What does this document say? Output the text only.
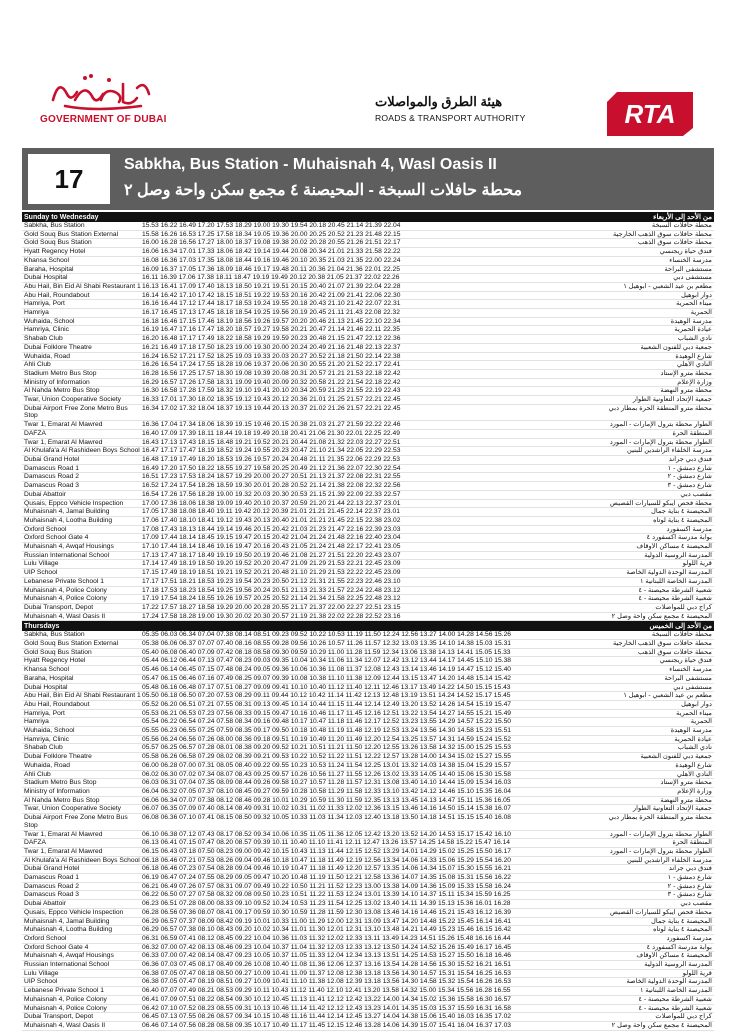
GOVERNMENT OF DUBAI
هيئة الطرق والمواصلات
ROADS & TRANSPORT AUTHORITY	RTA
17	Sabkha, Bus Station - Muhaisnah 4, Wasl Oasis II
محطة حافلات السبخة - المحيصنة ٤ مجمع سكن واحة وصل ٢
Sunday to Wednesday	من الأحد إلى الأربعاء
Sabkha, Bus Station	15.53 16.22 16.49 17.20 17.53 18.29 19.00 19.30 19.54 20.18 20.45 21.14 21.39 22.04	محطة حافلات السبخة
Gold Souq Bus Station External	15.58 16.26 16.53 17.25 17.58 18.34 19.05 19.36 20.00 20.25 20.52 21.23 21.48 22.15	محطة حافلات سوق الذهب الخارجية
Gold Souq Bus Station	16.00 16.28 16.56 17.27 18.00 18.37 19.08 19.38 20.02 20.28 20.55 21.26 21.51 22.17	محطة حافلات سوق الذهب
Hyatt Regency Hotel	16.06 16.34 17.01 17.33 18.06 18.42 19.14 19.44 20.08 20.34 21.01 21.33 21.58 22.22	فندق حياة ريجنسي
Khansa School	16.08 16.36 17.03 17.35 18.08 18.44 19.16 19.46 20.10 20.35 21.03 21.35 22.00 22.24	مدرسة الخنساء
Baraha, Hospital	16.09 16.37 17.05 17.36 18.09 18.46 19.17 19.48 20.11 20.36 21.04 21.36 22.01 22.25	مستشفى البراحة
Dubai Hospital	16.11 16.39 17.06 17.38 18.11 18.47 19.19 19.49 20.12 20.38 21.05 21.37 22.02 22.26	مستشفى دبي
Abu Hail, Bin Eid Al Shabi Restaurant 1 16.13 16.41 17.09 17.40 18.13 18.50 19.21 19.51 20.15 20.40 21.07 21.39 22.04 22.28	مطعم بن عيد الشعبي - ابوهيل ١
Abu Hail, Roundabout	16.14 16.42 17.10 17.42 18.15 18.51 19.22 19.53 20.16 20.42 21.09 21.41 22.06 22.30	دوار ابوهيل
Hamriya, Port	16.16 16.44 17.12 17.44 18.17 18.53 19.24 19.55 20.18 20.43 21.10 21.42 22.07 22.31	ميناء الحمرية
Hamriya	16.17 16.45 17.13 17.45 18.18 18.54 19.25 19.56 20.19 20.45 21.11 21.43 22.08 22.32	الحمرية
Wuhaida, School	16.18 16.46 17.15 17.46 18.19 18.56 19.26 19.57 20.20 20.46 21.13 21.45 22.10 22.34	مدرسة الوهيدة
Hamriya, Clinic	16.19 16.47 17.16 17.47 18.20 18.57 19.27 19.58 20.21 20.47 21.14 21.46 22.11 22.35	عيادة الحمرية
Shabab Club	16.20 16.48 17.17 17.49 18.22 18.58 19.29 19.59 20.23 20.48 21.15 21.47 22.12 22.36	نادي الشباب
Dubai Folklore Theatre	16.21 16.49 17.18 17.50 18.23 19.00 19.30 20.00 20.24 20.49 21.16 21.48 22.13 22.37	جمعية دبي للفنون الشعبية
Wuhaida, Road	16.24 16.52 17.21 17.52 18.25 19.03 19.33 20.03 20.27 20.52 21.18 21.50 22.14 22.38	شارع الوهيدة
Ahli Club	16.26 16.54 17.24 17.55 18.28 19.06 19.37 20.06 20.30 20.55 21.20 21.52 22.17 22.41	النادي الأهلي
Stadium Metro Bus Stop	16.28 16.56 17.25 17.57 18.30 19.08 19.39 20.08 20.31 20.57 21.21 21.53 22.18 22.42	محطة مترو الإستاد
Ministry of Information	16.29 16.57 17.26 17.58 18.31 19.09 19.40 20.09 20.32 20.58 21.22 21.54 22.18 22.42	وزارة الإعلام
Al Nahda Metro Bus Stop	16.30 16.58 17.28 17.59 18.32 19.10 19.41 20.10 20.34 20.59 21.23 21.55 22.19 22.43	محطة مترو النهضة
Twar, Union Cooperative Society	16.33 17.01 17.30 18.02 18.35 19.12 19.43 20.12 20.36 21.01 21.25 21.57 22.21 22.45	جمعية الإتحاد التعاونية الطوار
Dubai Airport Free Zone Metro Bus Stop
16.34 17.02 17.32 18.04 18.37 19.13 19.44 20.13 20.37 21.02 21.26 21.57 22.21 22.45	محطة مترو المنطقة الحرة بمطار دبي
Twar 1, Emarat Al Mawred	16.36 17.04 17.34 18.06 18.39 19.15 19.46 20.15 20.38 21.03 21.27 21.59 22.22 22.46	الطوار محطة بترول الإمارات - المورد
DAFZA	16.40 17.09 17.39 18.11 18.44 19.18 19.49 20.18 20.41 21.06 21.30 22.01 22.25 22.49	المنطقة الحرة
Twar 1, Emarat Al Mawred	16.43 17.13 17.43 18.15 18.48 19.21 19.52 20.21 20.44 21.08 21.32 22.03 22.27 22.51	الطوار محطة بترول الإمارات - المورد
Al Khulafa'a Al Rashideen Boys School 16.47 17.17 17.47 18.19 18.52 19.24 19.55 20.23 20.47 21.10 21.34 22.05 22.29 22.53	مدرسة الخلفاء الراشدين للبنين
Dubai Grand Hotel	16.48 17.19 17.49 18.20 18.53 19.26 19.57 20.24 20.48 21.11 21.35 22.06 22.29 22.53	فندق دبي جراند
Damascus Road 1	16.49 17.20 17.50 18.22 18.55 19.27 19.58 20.25 20.49 21.12 21.36 22.07 22.30 22.54	شارع دمشق - ١
Damascus Road 2	16.51 17.23 17.53 18.24 18.57 19.29 20.00 20.27 20.51 21.13 21.37 22.08 22.31 22.55	شارع دمشق - ٢
Damascus Road 3	16.52 17.24 17.54 18.26 18.59 19.30 20.01 20.28 20.52 21.14 21.38 22.08 22.32 22.56	شارع دمشق - ٣
Dubai Abattoir	16.54 17.26 17.56 18.28 19.00 19.32 20.03 20.30 20.53 21.15 21.39 22.09 22.33 22.57	مقصب دبي
Qusais, Eppco Vehicle Inspection	17.00 17.36 18.06 18.38 19.09 19.40 20.10 20.37 20.59 21.20 21.44 22.13 22.37 23.01	محطة فحص ايبكو للسيارات القصيص
Muhaisnah 4, Jamal Building	17.05 17.38 18.08 18.40 19.11 19.42 20.12 20.39 21.01 21.21 21.45 22.14 22.37 23.01	المحيصنة ٤ بناية جمال
Muhaisnah 4, Lootha Building	17.06 17.40 18.10 18.41 19.12 19.43 20.13 20.40 21.01 21.21 21.45 22.15 22.38 23.02	المحيصنة ٤ بناية لوتاه
Oxford School	17.08 17.43 18.13 18.44 19.14 19.46 20.15 20.42 21.03 21.23 21.47 22.16 22.39 23.03	مدرسة أكسفورد
Oxford School Gate 4	17.09 17.44 18.14 18.45 19.15 19.47 20.15 20.42 21.04 21.24 21.48 22.16 22.40 23.04	بوابة مدرسة أكسفورد ٤
Muhaisnah 4, Awqaf Housings	17.10 17.44 18.14 18.46 19.16 19.47 20.16 20.43 21.05 21.24 21.48 22.17 22.41 23.05	المحيصنة ٤ مساكن الأوقاف
Russian International School	17.13 17.47 18.17 18.49 19.19 19.50 20.19 20.46 21.08 21.27 21.51 22.20 22.43 23.07	المدرسة الروسية الدولية
Lulu Village	17.14 17.49 18.19 18.50 19.20 19.52 20.20 20.47 21.09 21.29 21.53 22.21 22.45 23.09	قرية اللولو
UIP School	17.15 17.49 18.19 18.51 19.21 19.52 20.21 20.48 21.10 21.29 21.53 22.22 22.45 23.09	المدرسة الوحدة الدولية الخاصة
Lebanese Private School 1	17.17 17.51 18.21 18.53 19.23 19.54 20.23 20.50 21.12 21.31 21.55 22.23 22.46 23.10	المدرسة الخاصة اللبنانية ١
Muhaisnah 4, Police Colony	17.18 17.53 18.23 18.54 19.25 19.56 20.24 20.51 21.13 21.33 21.57 22.24 22.48 23.12	شعبية الشرطة محيصنة - ٤
Muhaisnah 4, Police Colony	17.19 17.54 18.24 18.55 19.26 19.57 20.25 20.52 21.14 21.34 21.58 22.25 22.48 23.12	شعبية الشرطة محيصنة - ٤
Dubai Transport, Depot	17.22 17.57 18.27 18.58 19.29 20.00 20.28 20.55 21.17 21.37 22.00 22.27 22.51 23.15	كراج دبي للمواصلات
Muhaisnah 4, Wasl Oasis II	17.24 17.58 18.28 19.00 19.30 20.02 20.30 20.57 21.19 21.38 22.02 22.28 22.52 23.16	المحيصنة ٤ مجمع سكن واحة وصل ٢
Thursdays	من الأحد إلى الخميس
Sabkha, Bus Station	05.35 06.03 06.34 07.04 07.38 08.14 08.51 09.23 09.52 10.22 10.53 11.19 11.50 12.24 12.56 13.27 14.00 14.28 14.56 15.26	محطة حافلات السبخة
Gold Souq Bus Station External	05.38 06.06 06.37 07.07 07.40 08.16 08.55 09.28 09.56 10.26 10.57 11.26 11.57 12.32 13.03 13.35 14.10 14.38 15.03 15.31	محطة حافلات سوق الذهب الخارجية
Gold Souq Bus Station	05.40 06.08 06.40 07.09 07.42 08.18 08.58 09.30 09.59 10.29 11.00 11.28 11.59 12.34 13.06 13.38 14.13 14.41 15.05 15.33	محطة حافلات سوق الذهب
Hyatt Regency Hotel	05.44 06.12 06.44 07.13 07.47 08.23 09.03 09.35 10.04 10.34 11.06 11.34 12.07 12.42 13.12 13.44 14.17 14.45 15.10 15.38	فندق حياة ريجنسي
Khansa School	05.46 06.14 06.45 07.15 07.48 08.24 09.05 09.36 10.06 10.36 11.08 11.37 12.08 12.43 13.14 13.46 14.19 14.47 15.12 15.40	مدرسة الخنساء
Baraha, Hospital	05.47 06.15 06.46 07.16 07.49 08.25 09.07 09.39 10.08 10.38 11.10 11.38 12.09 12.44 13.15 13.47 14.20 14.48 15.14 15.42	مستشفى البراحة
Dubai Hospital	05.48 06.16 06.48 07.17 07.51 08.27 09.09 09.41 10.10 10.40 11.12 11.40 12.11 12.46 13.17 13.49 14.22 14.50 15.15 15.43	مستشفى دبي
Abu Hail, Bin Eid Al Shabi Restaurant 1 05.50 06.18 06.50 07.20 07.53 08.29 09.11 09.44 10.12 10.42 11.14 11.42 12.13 12.48 13.19 13.51 14.24 14.52 15.17 15.45	مطعم بن عيد الشعبي - ابوهيل ١
Abu Hail, Roundabout	05.52 06.20 06.51 07.21 07.55 08.31 09.13 09.45 10.14 10.44 11.15 11.44 12.14 12.49 13.20 13.52 14.26 14.54 15.19 15.47	دوار ابوهيل
Hamriya, Port	05.53 06.21 06.53 07.23 07.56 08.33 09.15 09.47 10.16 10.46 11.17 11.45 12.16 12.51 13.22 13.54 14.27 14.55 15.21 15.49	ميناء الحمرية
Hamriya	05.54 06.22 06.54 07.24 07.58 08.34 09.16 09.48 10.17 10.47 11.18 11.46 12.17 12.52 13.23 13.55 14.29 14.57 15.22 15.50	الحمرية
Wuhaida, School	05.55 06.23 06.55 07.25 07.59 08.35 09.17 09.50 10.18 10.48 11.19 11.48 12.19 12.53 13.24 13.56 14.30 14.58 15.23 15.51	مدرسة الوهيدة
Hamriya, Clinic	05.56 06.24 06.56 07.26 08.00 08.36 09.18 09.51 10.19 10.49 11.20 11.49 12.20 12.54 13.25 13.57 14.31 14.59 15.24 15.52	عيادة الحمرية
Shabab Club	05.57 06.25 06.57 07.28 08.01 08.38 09.20 09.52 10.21 10.51 11.21 11.50 12.20 12.55 13.26 13.58 14.32 15.00 15.25 15.53	نادي الشباب
Dubai Folklore Theatre	05.58 06.26 06.58 07.29 08.02 08.39 09.21 09.53 10.22 10.52 11.22 11.51 12.22 12.57 13.28 14.00 14.34 15.02 15.27 15.55	جمعية دبي للفنون الشعبية
Wuhaida, Road	06.00 06.28 07.00 07.31 08.05 08.40 09.22 09.55 10.23 10.53 11.24 11.54 12.25 13.01 13.32 14.03 14.38 15.04 15.29 15.57	شارع الوهيدة
Ahli Club	06.02 06.30 07.02 07.34 08.07 08.43 09.25 09.57 10.26 10.56 11.27 11.55 12.26 13.02 13.33 14.05 14.40 15.06 15.30 15.58	النادي الأهلي
Stadium Metro Bus Stop	06.03 06.31 07.04 07.35 08.09 08.44 09.26 09.58 10.27 10.57 11.28 11.57 12.31 13.08 13.40 14.10 14.44 15.09 15.34 16.03	محطة مترو الإستاد
Ministry of Information	06.04 06.32 07.05 07.37 08.10 08.45 09.27 09.59 10.28 10.58 11.29 11.58 12.33 13.10 13.42 14.12 14.46 15.10 15.35 16.04	وزارة الإعلام
Al Nahda Metro Bus Stop	06.06 06.34 07.07 07.38 08.12 08.46 09.28 10.01 10.29 10.59 11.30 11.59 12.35 13.13 13.45 14.13 14.47 15.11 15.36 16.05	محطة مترو النهضة
Twar, Union Cooperative Society	06.07 06.35 07.09 07.40 08.14 08.49 09.31 10.02 10.31 11.02 11.33 12.02 12.36 13.15 13.46 14.16 14.50 15.14 15.38 16.07	جمعية الإتحاد التعاونية الطوار
Dubai Airport Free Zone Metro Bus Stop
06.08 06.36 07.10 07.41 08.15 08.50 09.32 10.05 10.33 11.03 11.34 12.03 12.40 13.18 13.50 14.18 14.51 15.15 15.40 16.08	محطة مترو المنطقة الحرة بمطار دبي
Twar 1, Emarat Al Mawred	06.10 06.38 07.12 07.43 08.17 08.52 09.34 10.06 10.35 11.05 11.36 12.05 12.42 13.20 13.52 14.20 14.53 15.17 15.42 16.10	الطوار محطة بترول الإمارات - المورد
DAFZA	06.13 06.41 07.15 07.47 08.20 08.57 09.39 10.11 10.40 11.10 11.41 12.11 12.47 13.26 13.57 14.25 14.58 15.22 15.47 16.14	المنطقة الحرة
Twar 1, Emarat Al Mawred	06.15 06.43 07.18 07.50 08.23 09.00 09.42 10.15 10.43 11.13 11.44 12.15 12.52 13.29 14.01 14.29 15.02 15.25 15.50 16.17	الطوار محطة بترول الإمارات - المورد
Al Khulafa'a Al Rashideen Boys School 06.18 06.46 07.21 07.53 08.26 09.04 09.46 10.18 10.47 11.18 11.49 12.19 12.56 13.34 14.06 14.33 15.06 15.29 15.54 16.20	مدرسة الخلفاء الراشدين للبنين
Dubai Grand Hotel	06.18 06.46 07.23 07.54 08.28 09.04 09.46 10.19 10.47 11.18 11.49 12.20 12.57 13.35 14.06 14.34 15.07 15.30 15.55 16.21	فندق دبي جراند
Damascus Road 1	06.19 06.47 07.24 07.55 08.29 09.05 09.47 10.20 10.48 11.19 11.50 12.21 12.58 13.36 14.07 14.35 15.08 15.31 15.56 16.22	شارع دمشق - ١
Damascus Road 2	06.21 06.49 07.26 07.57 08.31 09.07 09.49 10.22 10.50 11.21 11.52 12.23 13.00 13.38 14.09 14.36 15.09 15.33 15.58 16.24	شارع دمشق - ٢
Damascus Road 3	06.22 06.50 07.27 07.58 08.32 09.08 09.50 10.23 10.51 11.22 11.53 12.24 13.01 13.39 14.10 14.37 15.11 15.34 15.59 16.25	شارع دمشق - ٣
Dubai Abattoir	06.23 06.51 07.28 08.00 08.33 09.10 09.52 10.24 10.53 11.23 11.54 12.25 13.02 13.40 14.11 14.39 15.13 15.36 16.01 16.28	مقصب دبي
Qusais, Eppco Vehicle Inspection	06.28 06.56 07.36 08.07 08.41 09.17 09.59 10.30 10.59 11.28 11.59 12.30 13.08 13.46 14.16 14.46 15.21 15.43 16.12 16.39	محطة فحص ايبكو للسيارات القصيص
Muhaisnah 4, Jamal Building	06.29 06.57 07.37 08.09 08.42 09.19 10.01 10.33 11.00 11.29 12.00 12.31 13.09 13.47 14.20 14.48 15.22 15.45 16.14 16.41	المحيصنة ٤ بناية جمال
Muhaisnah 4, Lootha Building	06.29 06.57 07.38 08.10 08.43 09.20 10.02 10.34 11.01 11.30 12.01 12.31 13.10 13.48 14.21 14.49 15.23 15.46 16.15 16.42	المحيصنة ٤ بناية لوتاه
Oxford School	06.31 06.59 07.41 08.12 08.45 09.22 10.04 10.36 11.03 11.32 12.02 12.33 13.11 13.49 14.23 14.51 15.26 15.48 16.16 16.44	مدرسة أكسفورد
Oxford School Gate 4	06.32 07.00 07.42 08.13 08.46 09.23 10.04 10.37 11.04 11.32 12.03 12.33 13.12 13.50 14.24 14.52 15.26 15.49 16.17 16.45	بوابة مدرسة أكسفورد ٤
Muhaisnah 4, Awqaf Housings	06.33 07.00 07.42 08.14 08.47 09.23 10.05 10.37 11.05 11.33 12.04 12.34 13.13 13.51 14.25 14.53 15.27 15.50 16.18 16.46	المحيصنة ٤ مساكن الأوقاف
Russian International School	06.36 07.03 07.45 08.17 08.49 09.26 10.08 10.40 11.08 11.36 12.06 12.37 13.16 13.54 14.28 14.56 15.30 15.52 16.21 16.51	المدرسة الروسية الدولية
Lulu Village	06.38 07.05 07.47 08.18 08.50 09.27 10.09 10.41 11.09 11.37 12.08 12.38 13.18 13.56 14.30 14.57 15.31 15.54 16.25 16.53	قرية اللولو
UIP School	06.38 07.05 07.47 08.19 08.51 09.27 10.09 10.41 11.10 11.38 12.08 12.39 13.18 13.56 14.30 14.58 15.32 15.54 16.26 16.53	المدرسة الوحدة الدولية الخاصة
Lebanese Private School 1	06.40 07.07 07.49 08.21 08.53 09.29 10.11 10.43 11.12 11.40 12.10 12.41 13.20 13.58 14.32 15.00 15.34 15.56 16.28 16.55	المدرسة الخاصة اللبنانية ١
Muhaisnah 4, Police Colony	06.41 07.09 07.51 08.22 08.54 09.30 10.12 10.45 11.13 11.41 12.12 12.42 13.22 14.00 14.34 15.02 15.36 15.58 16.30 16.57	شعبية الشرطة محيصنة - ٤
Muhaisnah 4, Police Colony	06.42 07.10 07.52 08.23 08.55 09.31 10.13 10.46 11.14 11.42 12.12 12.43 13.23 14.01 14.35 15.03 15.37 15.59 16.31 16.58	شعبية الشرطة محيصنة - ٤
Dubai Transport, Depot	06.45 07.13 07.55 08.26 08.57 09.34 10.15 10.48 11.16 11.44 12.14 12.45 13.27 14.04 14.38 15.06 15.40 16.03 16.35 17.02	كراج دبي للمواصلات
Muhaisnah 4, Wasl Oasis II	06.46 07.14 07.56 08.28 08.58 09.35 10.17 10.49 11.17 11.45 12.15 12.46 13.28 14.06 14.39 15.07 15.41 16.04 16.37 17.03	المحيصنة ٤ مجمع سكن واحة وصل ٢
